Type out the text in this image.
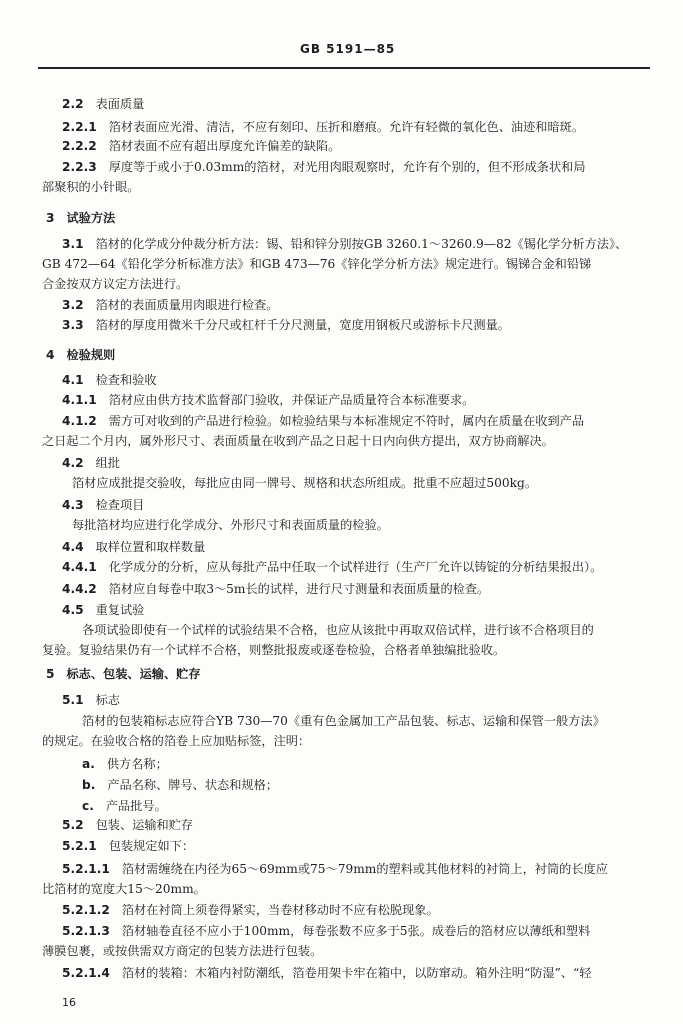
GB 5191—85
2.2 表面质量
2.2.1 箔材表面应光滑、清洁，不应有刻印、压折和磨痕。允许有轻微的氧化色、油迹和暗斑。
2.2.2 箔材表面不应有超出厚度允许偏差的缺陷。
2.2.3 厚度等于或小于0.03mm的箔材，对光用肉眼观察时，允许有个别的，但不形成条状和局
部聚积的小针眼。
3 试验方法
3.1 箔材的化学成分仲裁分析方法：锡、铅和锌分别按GB 3260.1～3260.9—82《锡化学分析方法》、
GB 472—64《铅化学分析标准方法》和GB 473—76《锌化学分析方法》规定进行。锡锑合金和铅锑
合金按双方议定方法进行。
3.2 箔材的表面质量用肉眼进行检查。
3.3 箔材的厚度用微米千分尺或杠杆千分尺测量，宽度用钢板尺或游标卡尺测量。
4 检验规则
4.1 检查和验收
4.1.1 箔材应由供方技术监督部门验收，并保证产品质量符合本标准要求。
4.1.2 需方可对收到的产品进行检验。如检验结果与本标准规定不符时，属内在质量在收到产品
之日起二个月内，属外形尺寸、表面质量在收到产品之日起十日内向供方提出，双方协商解决。
4.2 组批
箔材应成批提交验收，每批应由同一牌号、规格和状态所组成。批重不应超过500kg。
4.3 检查项目
每批箔材均应进行化学成分、外形尺寸和表面质量的检验。
4.4 取样位置和取样数量
4.4.1 化学成分的分析，应从每批产品中任取一个试样进行（生产厂允许以铸锭的分析结果报出）。
4.4.2 箔材应自每卷中取3～5m长的试样，进行尺寸测量和表面质量的检查。
4.5 重复试验
各项试验即使有一个试样的试验结果不合格，也应从该批中再取双倍试样，进行该不合格项目的
复验。复验结果仍有一个试样不合格，则整批报废或逐卷检验，合格者单独编批验收。
5 标志、包装、运输、贮存
5.1 标志
箔材的包装箱标志应符合YB 730—70《重有色金属加工产品包装、标志、运输和保管一般方法》
的规定。在验收合格的箔卷上应加贴标签，注明：
a. 供方名称；
b. 产品名称、牌号、状态和规格；
c. 产品批号。
5.2 包装、运输和贮存
5.2.1 包装规定如下：
5.2.1.1 箔材需缠绕在内径为65～69mm或75～79mm的塑料或其他材料的衬筒上，衬筒的长度应
比箔材的宽度大15～20mm。
5.2.1.2 箔材在衬筒上须卷得紧实，当卷材移动时不应有松脱现象。
5.2.1.3 箔材轴卷直径不应小于100mm，每卷张数不应多于5张。成卷后的箔材应以薄纸和塑料
薄膜包裹，或按供需双方商定的包装方法进行包装。
5.2.1.4 箔材的装箱：木箱内衬防潮纸，箔卷用架卡牢在箱中，以防窜动。箱外注明“防湿”、“轻
16
